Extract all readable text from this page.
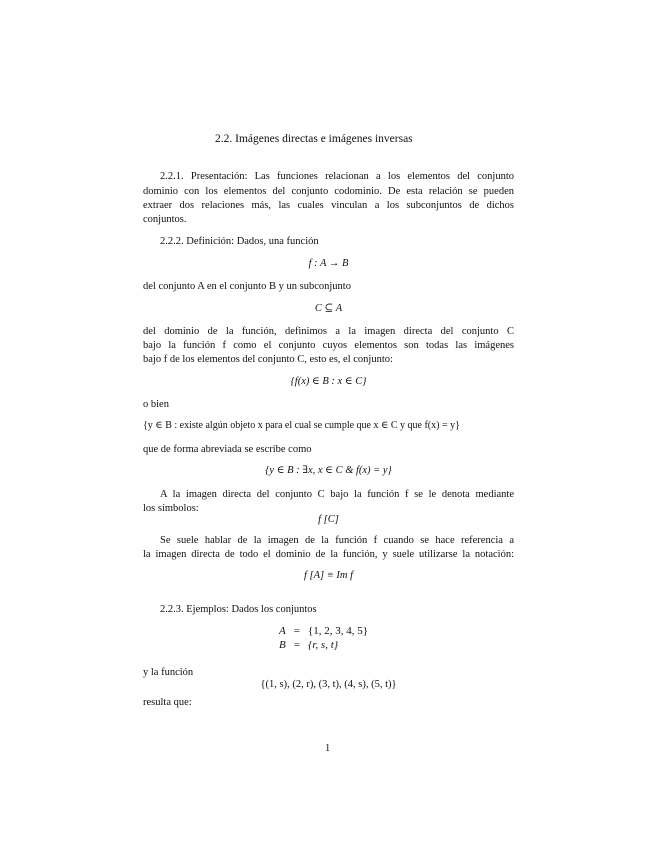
2.2. Imágenes directas e imágenes inversas
2.2.1. Presentación: Las funciones relacionan a los elementos del conjunto
dominio con los elementos del conjunto codominio. De esta relación se pueden
extraer dos relaciones más, las cuales vinculan a los subconjuntos de dichos
conjuntos.
2.2.2. Definición: Dados, una función
f : A → B
del conjunto A en el conjunto B y un subconjunto
C ⊆ A
del dominio de la función, definimos a la imagen directa del conjunto C
bajo la función f como el conjunto cuyos elementos son todas las imágenes
bajo f de los elementos del conjunto C, esto es, el conjunto:
{f(x) ∈ B : x ∈ C}
o bien
{y ∈ B : existe algún objeto x para el cual se cumple que x ∈ C y que f(x) = y}
que de forma abreviada se escribe como
{y ∈ B : ∃x, x ∈ C & f(x) = y}
A la imagen directa del conjunto C bajo la función f se le denota mediante
los símbolos:
f [C]
Se suele hablar de la imagen de la función f cuando se hace referencia a
la imagen directa de todo el dominio de la función, y suele utilizarse la notación:
f [A] ≡ Im f
2.2.3. Ejemplos: Dados los conjuntos
A	=	{1, 2, 3, 4, 5}
B	=	{r, s, t}
y la función
{(1, s), (2, r), (3, t), (4, s), (5, t)}
resulta que:
1
